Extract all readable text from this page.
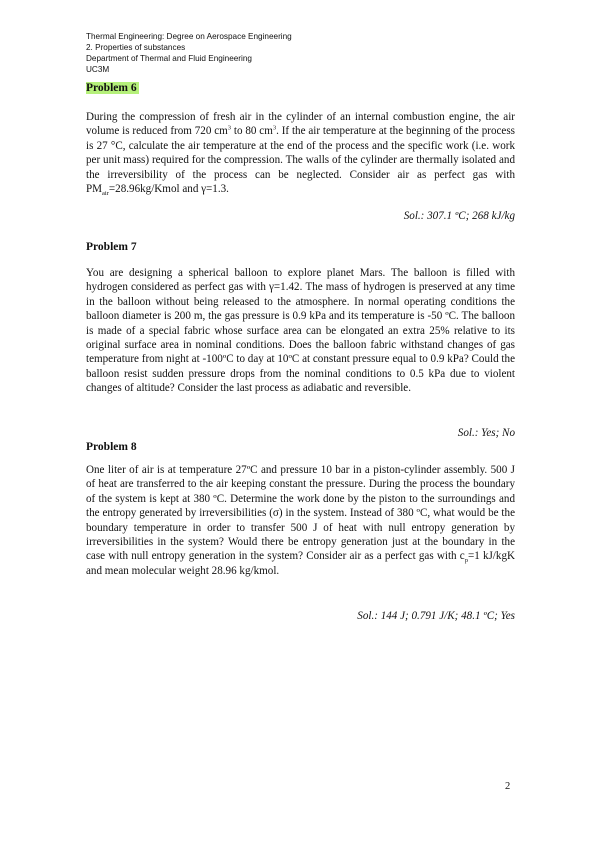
Thermal Engineering: Degree on Aerospace Engineering
2. Properties of substances
Department of Thermal and Fluid Engineering
UC3M
Problem 6

During the compression of fresh air in the cylinder of an internal combustion engine, the air volume is reduced from 720 $cm^3$ to 80 $cm^3$. If the air temperature at the beginning of the process is 27 °C, calculate the air temperature at the end of the process and the specific work (i.e. work per unit mass) required for the compression. The walls of the cylinder are thermally isolated and the irreversibility of the process can be neglected. Consider air as perfect gas with $PM_{air}=28.96kg$/Kmol and γ=1.3.

Sol.: 307.1 ºC; 268 kJ/kg
Problem 7

You are designing a spherical balloon to explore planet Mars. The balloon is filled with hydrogen considered as perfect gas with γ=1.42. The mass of hydrogen is preserved at any time in the balloon without being released to the atmosphere. In normal operating conditions the balloon diameter is 200 m, the gas pressure is 0.9 kPa and its temperature is -50 ºC. The balloon is made of a special fabric whose surface area can be elongated an extra 25% relative to its original surface area in nominal conditions. Does the balloon fabric withstand changes of gas temperature from night at -100ºC to day at 10ºC at constant pressure equal to 0.9 kPa? Could the balloon resist sudden pressure drops from the nominal conditions to 0.5 kPa due to violent changes of altitude? Consider the last process as adiabatic and reversible.

Sol.: Yes; No
Problem 8

One liter of air is at temperature 27ºC and pressure 10 bar in a piston-cylinder assembly. 500 J of heat are transferred to the air keeping constant the pressure. During the process the boundary of the system is kept at 380 ºC. Determine the work done by the piston to the surroundings and the entropy generated by irreversibilities (σ) in the system. Instead of 380 ºC, what would be the boundary temperature in order to transfer 500 J of heat with null entropy generation by irreversibilities in the system? Would there be entropy generation just at the boundary in the case with null entropy generation in the system? Consider air as a perfect gas with $c_p=1$ kJ/kgK and mean molecular weight 28.96 kg/kmol.

Sol.: 144 J; 0.791 J/K; 48.1 ºC; Yes
2
